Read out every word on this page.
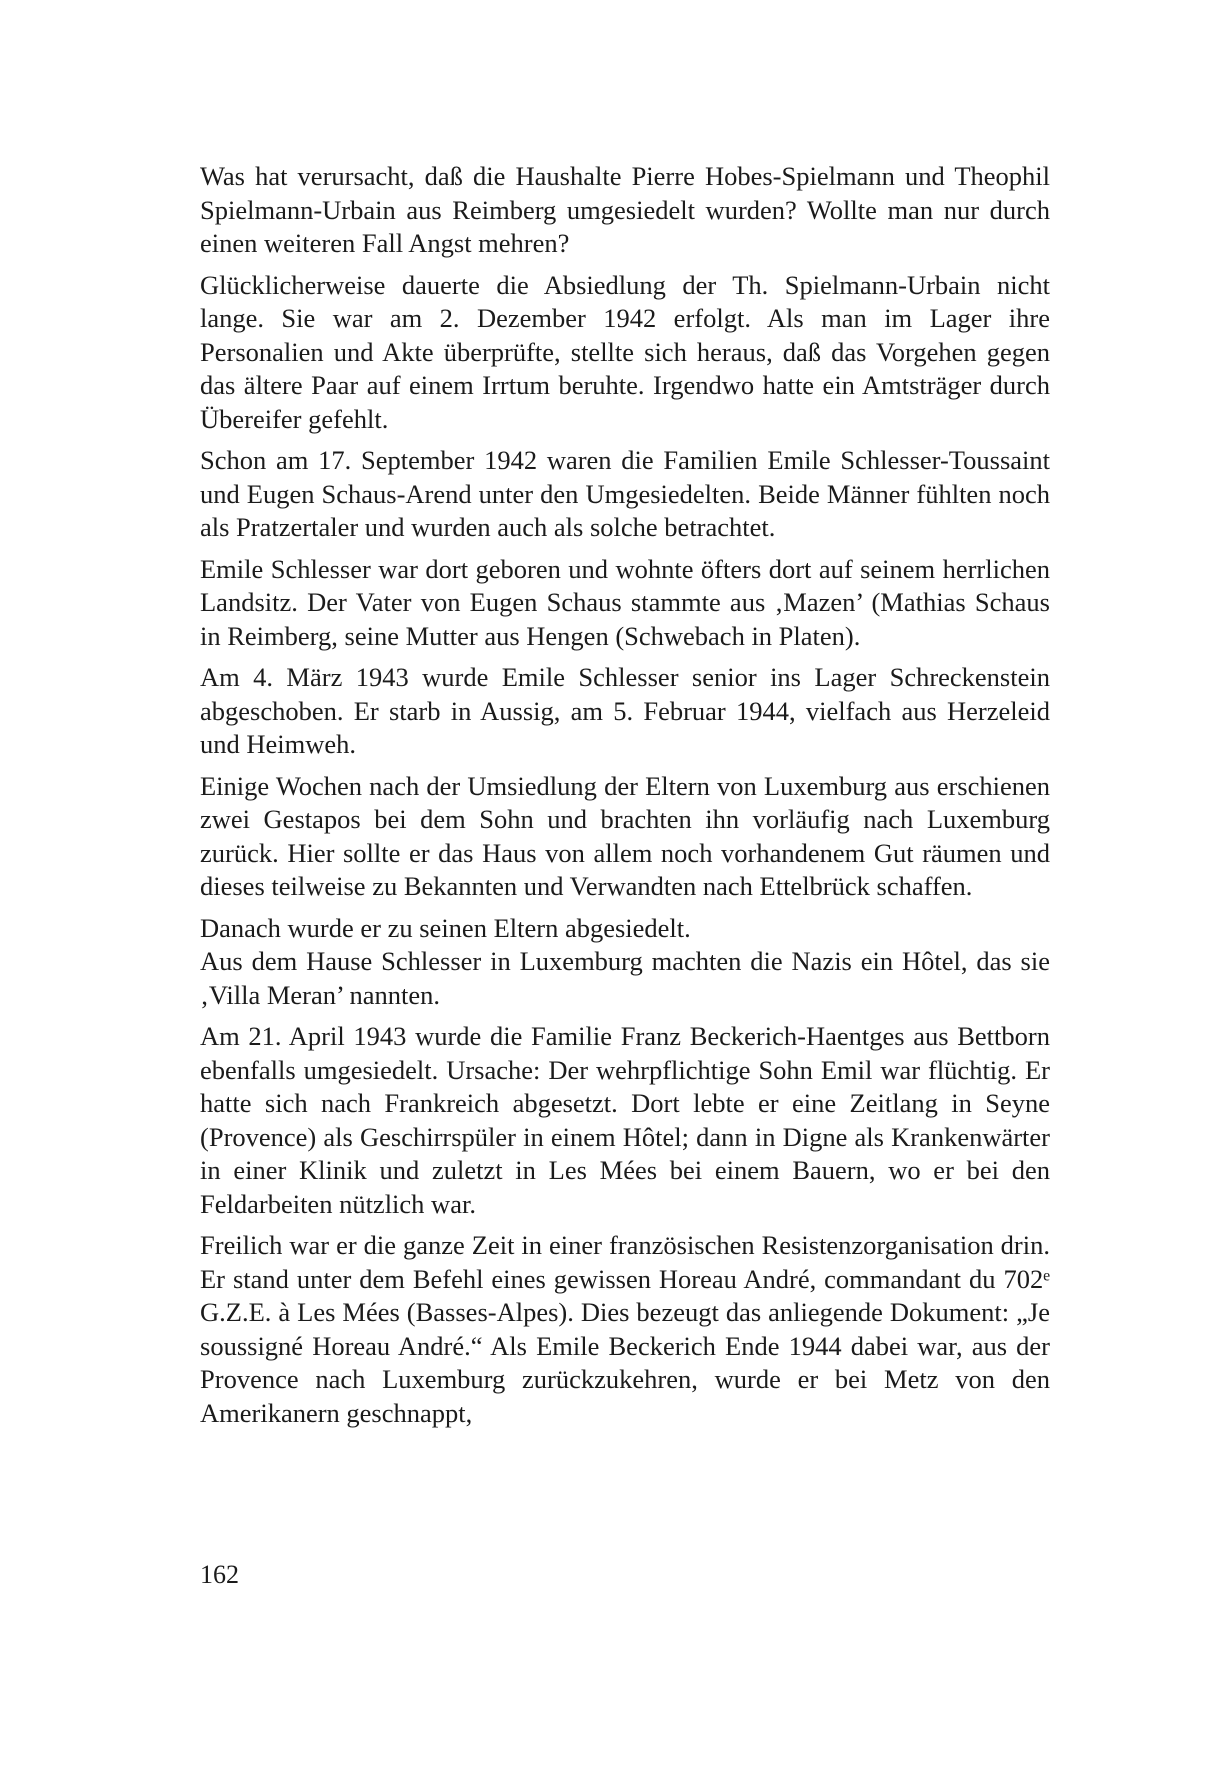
Was hat verursacht, daß die Haushalte Pierre Hobes-Spielmann und Theophil Spielmann-Urbain aus Reimberg umgesiedelt wurden? Wollte man nur durch einen weiteren Fall Angst mehren?

Glücklicherweise dauerte die Absiedlung der Th. Spielmann-Urbain nicht lange. Sie war am 2. Dezember 1942 erfolgt. Als man im Lager ihre Personalien und Akte überprüfte, stellte sich heraus, daß das Vorgehen gegen das ältere Paar auf einem Irrtum beruhte. Irgendwo hatte ein Amtsträger durch Übereifer gefehlt.

Schon am 17. September 1942 waren die Familien Emile Schlesser-Toussaint und Eugen Schaus-Arend unter den Umgesiedelten. Beide Männer fühlten noch als Pratzertaler und wurden auch als solche betrachtet.

Emile Schlesser war dort geboren und wohnte öfters dort auf seinem herrlichen Landsitz. Der Vater von Eugen Schaus stammte aus ‚Mazen’ (Mathias Schaus in Reimberg, seine Mutter aus Hengen (Schwebach in Platen).

Am 4. März 1943 wurde Emile Schlesser senior ins Lager Schreckenstein abgeschoben. Er starb in Aussig, am 5. Februar 1944, vielfach aus Herzeleid und Heimweh.

Einige Wochen nach der Umsiedlung der Eltern von Luxemburg aus erschienen zwei Gestapos bei dem Sohn und brachten ihn vorläufig nach Luxemburg zurück. Hier sollte er das Haus von allem noch vorhandenem Gut räumen und dieses teilweise zu Bekannten und Verwandten nach Ettelbrück schaffen.

Danach wurde er zu seinen Eltern abgesiedelt.

Aus dem Hause Schlesser in Luxemburg machten die Nazis ein Hôtel, das sie ‚Villa Meran’ nannten.

Am 21. April 1943 wurde die Familie Franz Beckerich-Haentges aus Bettborn ebenfalls umgesiedelt. Ursache: Der wehrpflichtige Sohn Emil war flüchtig. Er hatte sich nach Frankreich abgesetzt. Dort lebte er eine Zeitlang in Seyne (Provence) als Geschirrspüler in einem Hôtel; dann in Digne als Krankenwärter in einer Klinik und zuletzt in Les Mées bei einem Bauern, wo er bei den Feldarbeiten nützlich war.

Freilich war er die ganze Zeit in einer französischen Resistenzorganisation drin. Er stand unter dem Befehl eines gewissen Horeau André, commandant du 702ᵉ G.Z.E. à Les Mées (Basses-Alpes). Dies bezeugt das anliegende Dokument: „Je soussigné Horeau André.“ Als Emile Beckerich Ende 1944 dabei war, aus der Provence nach Luxemburg zurückzukehren, wurde er bei Metz von den Amerikanern geschnappt,

162
